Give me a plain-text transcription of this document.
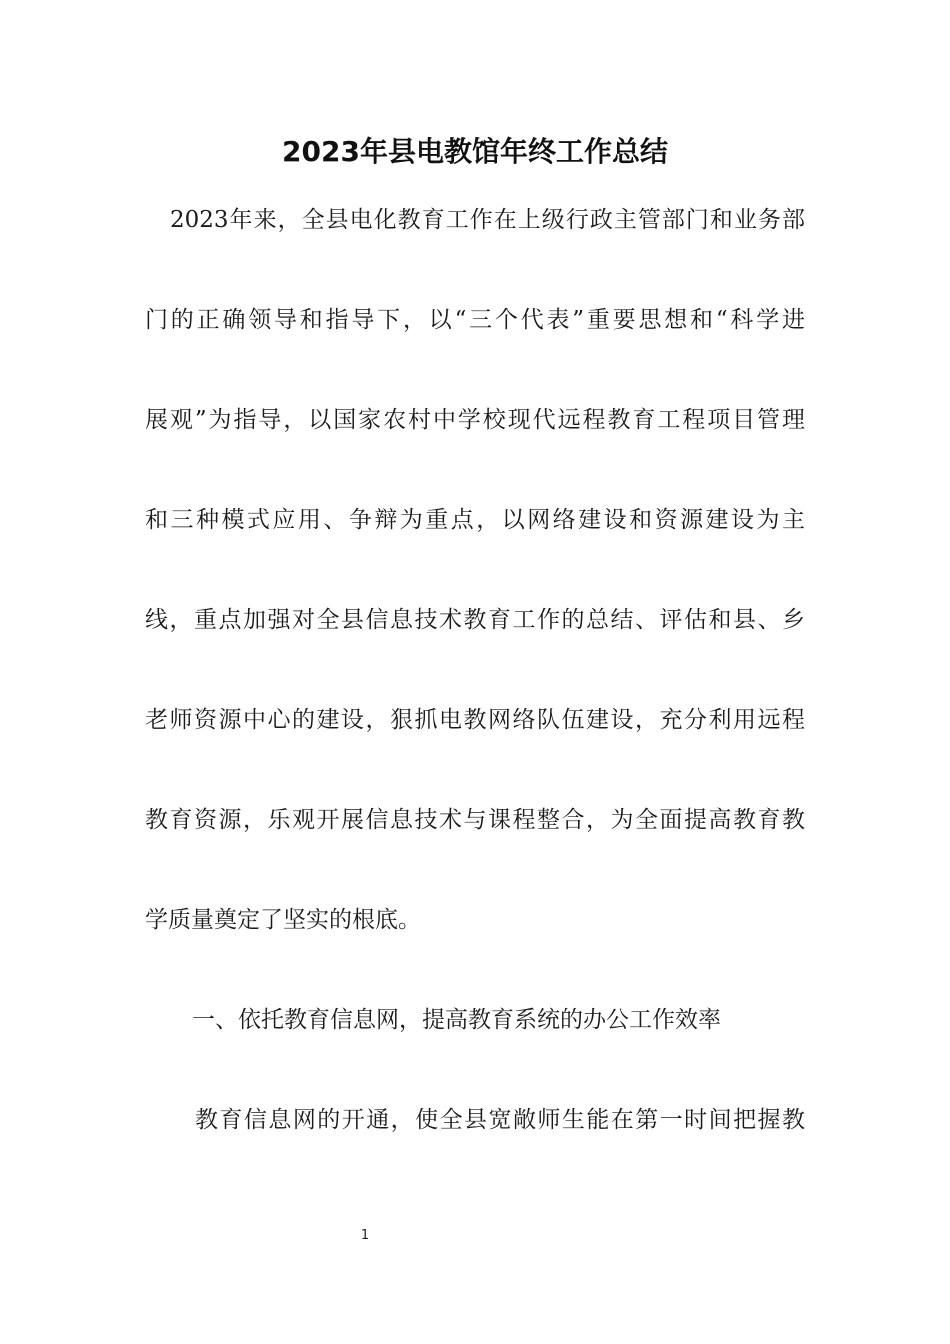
2023年县电教馆年终工作总结
2023年来，全县电化教育工作在上级行政主管部门和业务部
门的正确领导和指导下，以“三个代表”重要思想和“科学进
展观”为指导，以国家农村中学校现代远程教育工程项目管理
和三种模式应用、争辩为重点，以网络建设和资源建设为主
线，重点加强对全县信息技术教育工作的总结、评估和县、乡
老师资源中心的建设，狠抓电教网络队伍建设，充分利用远程
教育资源，乐观开展信息技术与课程整合，为全面提高教育教
学质量奠定了坚实的根底。
一、依托教育信息网，提高教育系统的办公工作效率
教育信息网的开通，使全县宽敞师生能在第一时间把握教
1
